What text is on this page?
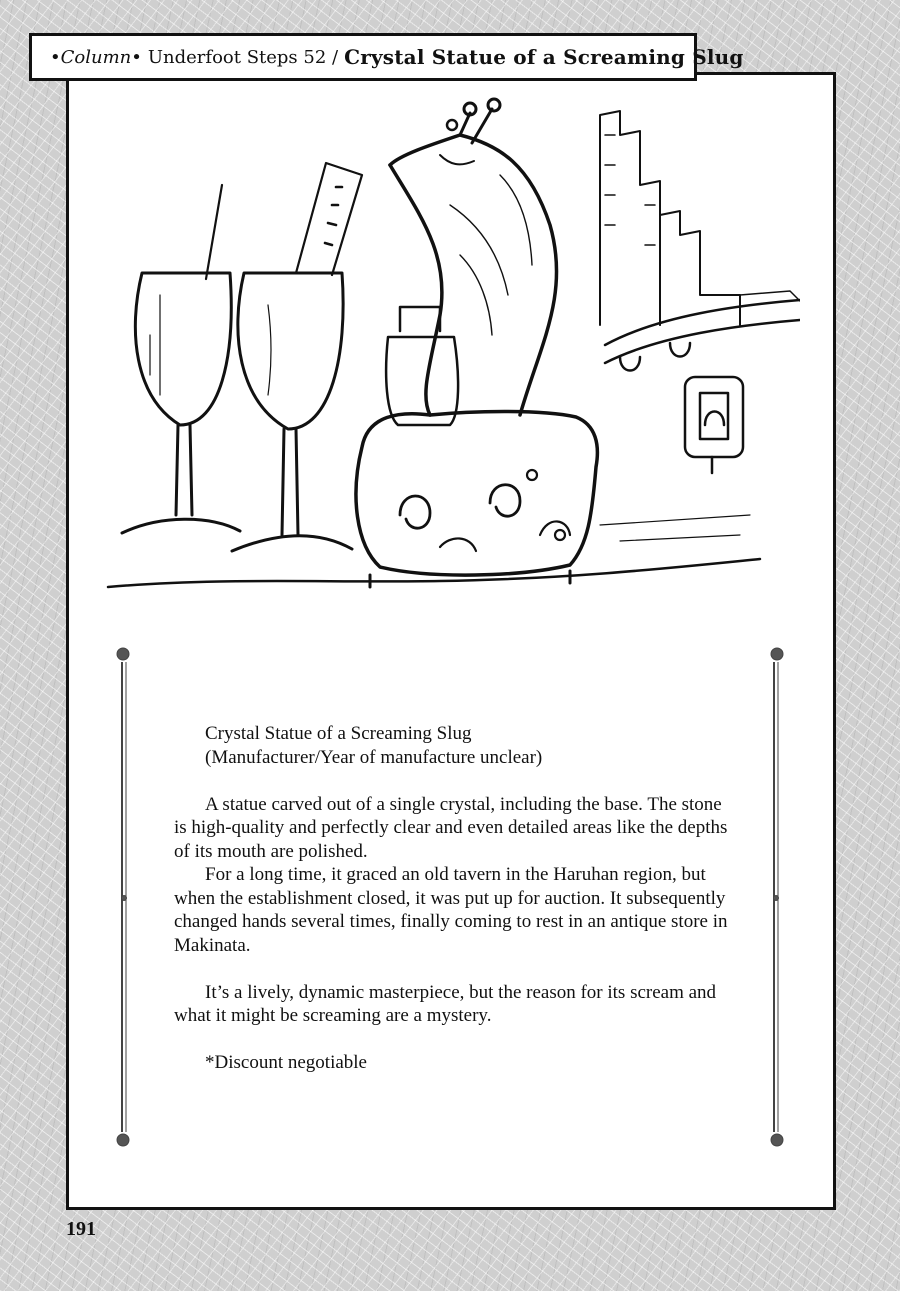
•Column• Underfoot Steps 52 / Crystal Statue of a Screaming Slug

Crystal Statue of a Screaming Slug

(Manufacturer/Year of manufacture unclear)

A statue carved out of a single crystal, including the base. The stone is high-quality and perfectly clear and even detailed areas like the depths of its mouth are polished.

For a long time, it graced an old tavern in the Haruhan region, but when the establishment closed, it was put up for auction. It subsequently changed hands several times, finally coming to rest in an antique store in Makinata.

It’s a lively, dynamic masterpiece, but the reason for its scream and what it might be screaming are a mystery.

*Discount negotiable

191
